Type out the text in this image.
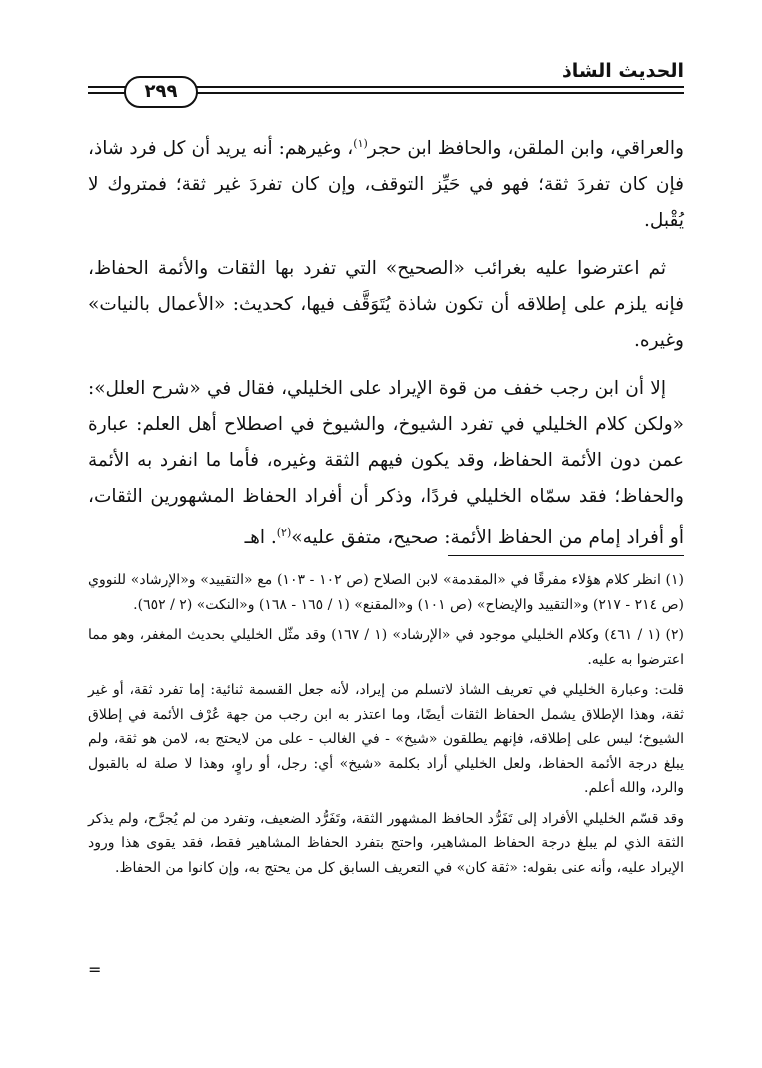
الحديث الشاذ
٢٩٩

والعراقي، وابن الملقن، والحافظ ابن حجر$^{(١)}$، وغيرهم: أنه يريد أن كل فرد شاذ، فإن كان تفردَ ثقة؛ فهو في حَيِّز التوقف، وإن كان تفردَ غير ثقة؛ فمتروك لا يُقْبل.

ثم اعترضوا عليه بغرائب «الصحيح» التي تفرد بها الثقات والأئمة الحفاظ، فإنه يلزم على إطلاقه أن تكون شاذة يُتَوَقَّف فيها، كحديث: «الأعمال بالنيات» وغيره.

إلا أن ابن رجب خفف من قوة الإيراد على الخليلي، فقال في «شرح العلل»: «ولكن كلام الخليلي في تفرد الشيوخ، والشيوخ في اصطلاح أهل العلم: عبارة عمن دون الأئمة الحفاظ، وقد يكون فيهم الثقة وغيره، فأما ما انفرد به الأئمة والحفاظ؛ فقد سمّاه الخليلي فردًا، وذكر أن أفراد الحفاظ المشهورين الثقات، أو أفراد إمام من الحفاظ الأئمة: صحيح، متفق عليه»$^{(٢)}$. اهـ

(١) انظر كلام هؤلاء مفرقًا في «المقدمة» لابن الصلاح (ص ١٠٢ - ١٠٣) مع «التقييد» و«الإرشاد» للنووي (ص ٢١٤ - ٢١٧) و«التقييد والإيضاح» (ص ١٠١) و«المقنع» (١ / ١٦٥ - ١٦٨) و«النكت» (٢ / ٦٥٢).

(٢) (١ / ٤٦١) وكلام الخليلي موجود في «الإرشاد» (١ / ١٦٧) وقد مثّل الخليلي بحديث المغفر، وهو مما اعترضوا به عليه.

قلت: وعبارة الخليلي في تعريف الشاذ لاتسلم من إيراد، لأنه جعل القسمة ثنائية: إما تفرد ثقة، أو غير ثقة، وهذا الإطلاق يشمل الحفاظ الثقات أيضًا، وما اعتذر به ابن رجب من جهة عُرْف الأئمة في إطلاق الشيوخ؛ ليس على إطلاقه، فإنهم يطلقون «شيخ» - في الغالب - على من لايحتج به، لامن هو ثقة، ولم يبلغ درجة الأئمة الحفاظ، ولعل الخليلي أراد بكلمة «شيخ» أي: رجل، أو راوٍ، وهذا لا صلة له بالقبول والرد، والله أعلم.

وقد قسّم الخليلي الأفراد إلى تَفَرُّد الحافظ المشهور الثقة، وتَفَرُّد الضعيف، وتفرد من لم يُجرَّح، ولم يذكر الثقة الذي لم يبلغ درجة الحفاظ المشاهير، واحتج بتفرد الحفاظ المشاهير فقط، فقد يقوى هذا ورود الإيراد عليه، وأنه عنى بقوله: «ثقة كان» في التعريف السابق كل من يحتج به، وإن كانوا من الحفاظ.

=
